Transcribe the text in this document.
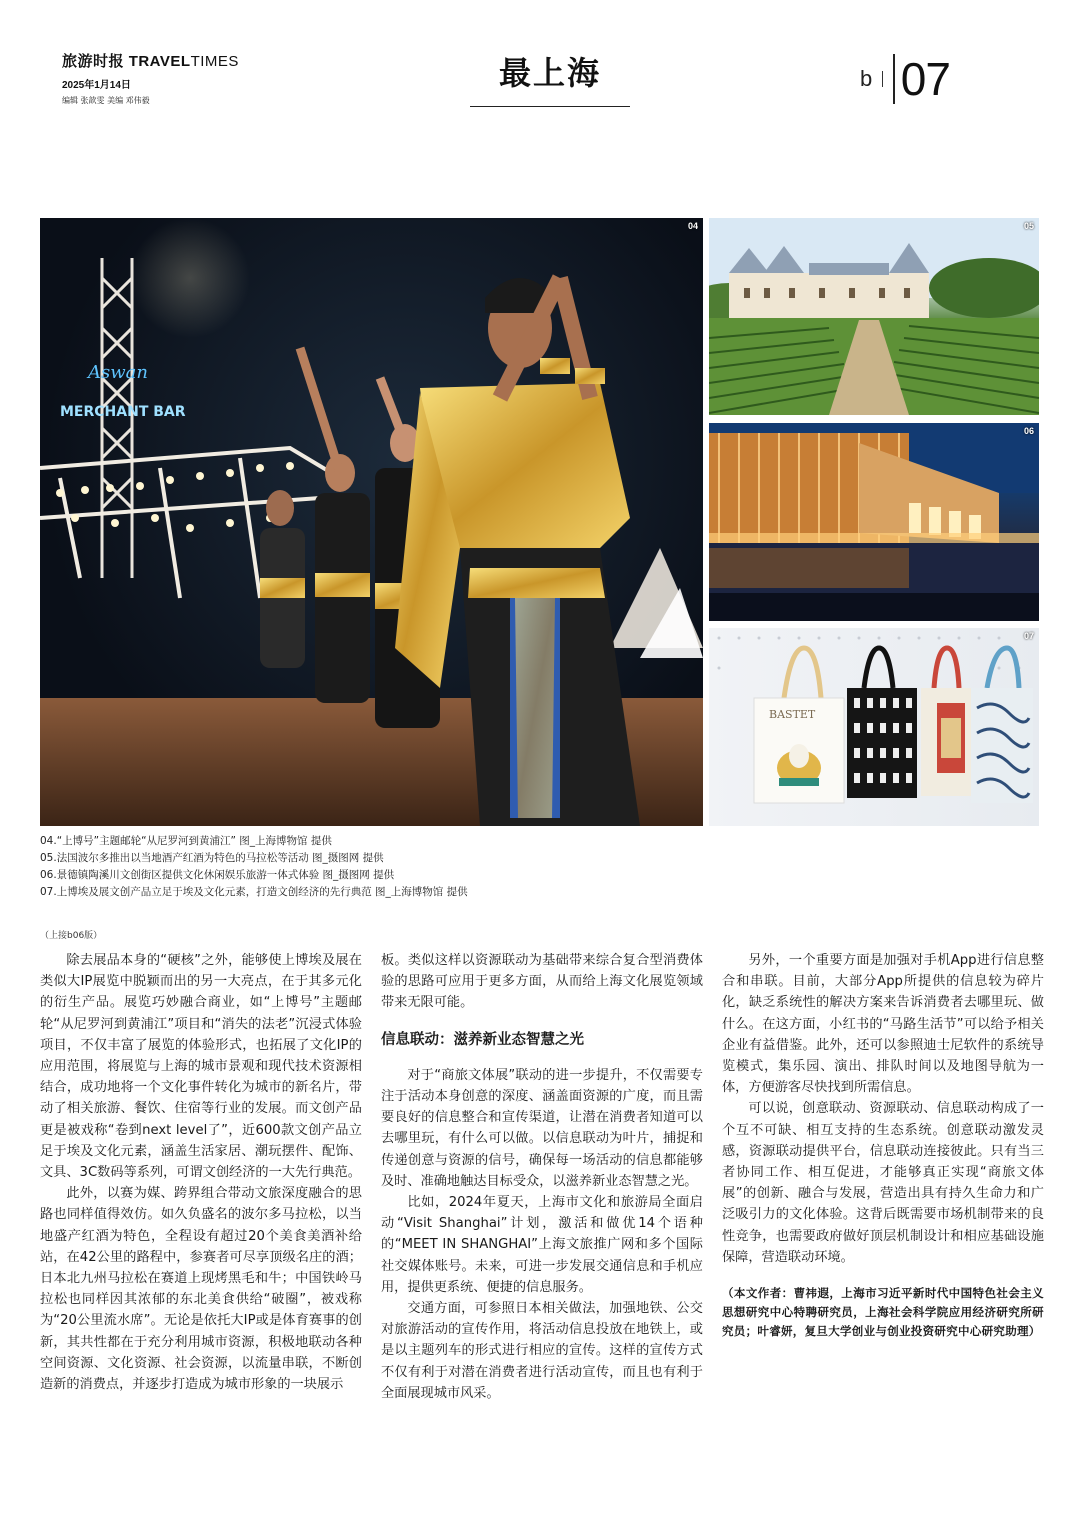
旅游时报 TRAVELTIMES
2025年1月14日
编辑 张歆雯 美编 邓伟毅
最上海	b 07
Aswan
MERCHANT BAR
04	05
06
BASTET
07
04.“上博号”主题邮轮“从尼罗河到黄浦江” 图_上海博物馆 提供
05.法国波尔多推出以当地酒产红酒为特色的马拉松等活动 图_摄图网 提供
06.景德镇陶溪川文创街区提供文化休闲娱乐旅游一体式体验 图_摄图网 提供
07.上博埃及展文创产品立足于埃及文化元素，打造文创经济的先行典范 图_上海博物馆 提供
（上接b06版）

除去展品本身的“硬核”之外，能够使上博埃及展在类似大IP展览中脱颖而出的另一大亮点，在于其多元化的衍生产品。展览巧妙融合商业，如“上博号”主题邮轮“从尼罗河到黄浦江”项目和“消失的法老”沉浸式体验项目，不仅丰富了展览的体验形式，也拓展了文化IP的应用范围，将展览与上海的城市景观和现代技术资源相结合，成功地将一个文化事件转化为城市的新名片，带动了相关旅游、餐饮、住宿等行业的发展。而文创产品更是被戏称“卷到next level了”，近600款文创产品立足于埃及文化元素，涵盖生活家居、潮玩摆件、配饰、文具、3C数码等系列，可谓文创经济的一大先行典范。

此外，以赛为媒、跨界组合带动文旅深度融合的思路也同样值得效仿。如久负盛名的波尔多马拉松，以当地盛产红酒为特色，全程设有超过20个美食美酒补给站，在42公里的路程中，参赛者可尽享顶级名庄的酒；日本北九州马拉松在赛道上现烤黑毛和牛；中国铁岭马拉松也同样因其浓郁的东北美食供给“破圈”，被戏称为“20公里流水席”。无论是依托大IP或是体育赛事的创新，其共性都在于充分利用城市资源，积极地联动各种空间资源、文化资源、社会资源，以流量串联，不断创造新的消费点，并逐步打造成为城市形象的一块展示

板。类似这样以资源联动为基础带来综合复合型消费体验的思路可应用于更多方面，从而给上海文化展览领域带来无限可能。

信息联动：滋养新业态智慧之光

对于“商旅文体展”联动的进一步提升，不仅需要专注于活动本身创意的深度、涵盖面资源的广度，而且需要良好的信息整合和宣传渠道，让潜在消费者知道可以去哪里玩，有什么可以做。以信息联动为叶片，捕捉和传递创意与资源的信号，确保每一场活动的信息都能够及时、准确地触达目标受众，以滋养新业态智慧之光。

比如，2024年夏天，上海市文化和旅游局全面启动“Visit Shanghai”计划，激活和做优14个语种的“MEET IN SHANGHAI”上海文旅推广网和多个国际社交媒体账号。未来，可进一步发展交通信息和手机应用，提供更系统、便捷的信息服务。

交通方面，可参照日本相关做法，加强地铁、公交对旅游活动的宣传作用，将活动信息投放在地铁上，或是以主题列车的形式进行相应的宣传。这样的宣传方式不仅有利于对潜在消费者进行活动宣传，而且也有利于全面展现城市风采。

另外，一个重要方面是加强对手机App进行信息整合和串联。目前，大部分App所提供的信息较为碎片化，缺乏系统性的解决方案来告诉消费者去哪里玩、做什么。在这方面，小红书的“马路生活节”可以给予相关企业有益借鉴。此外，还可以参照迪士尼软件的系统导览模式，集乐园、演出、排队时间以及地图导航为一体，方便游客尽快找到所需信息。

可以说，创意联动、资源联动、信息联动构成了一个互不可缺、相互支持的生态系统。创意联动激发灵感，资源联动提供平台，信息联动连接彼此。只有当三者协同工作、相互促进，才能够真正实现“商旅文体展”的创新、融合与发展，营造出具有持久生命力和广泛吸引力的文化体验。这背后既需要市场机制带来的良性竞争，也需要政府做好顶层机制设计和相应基础设施保障，营造联动环境。

（本文作者：曹祎遐，上海市习近平新时代中国特色社会主义思想研究中心特聘研究员，上海社会科学院应用经济研究所研究员；叶睿妍，复旦大学创业与创业投资研究中心研究助理）
